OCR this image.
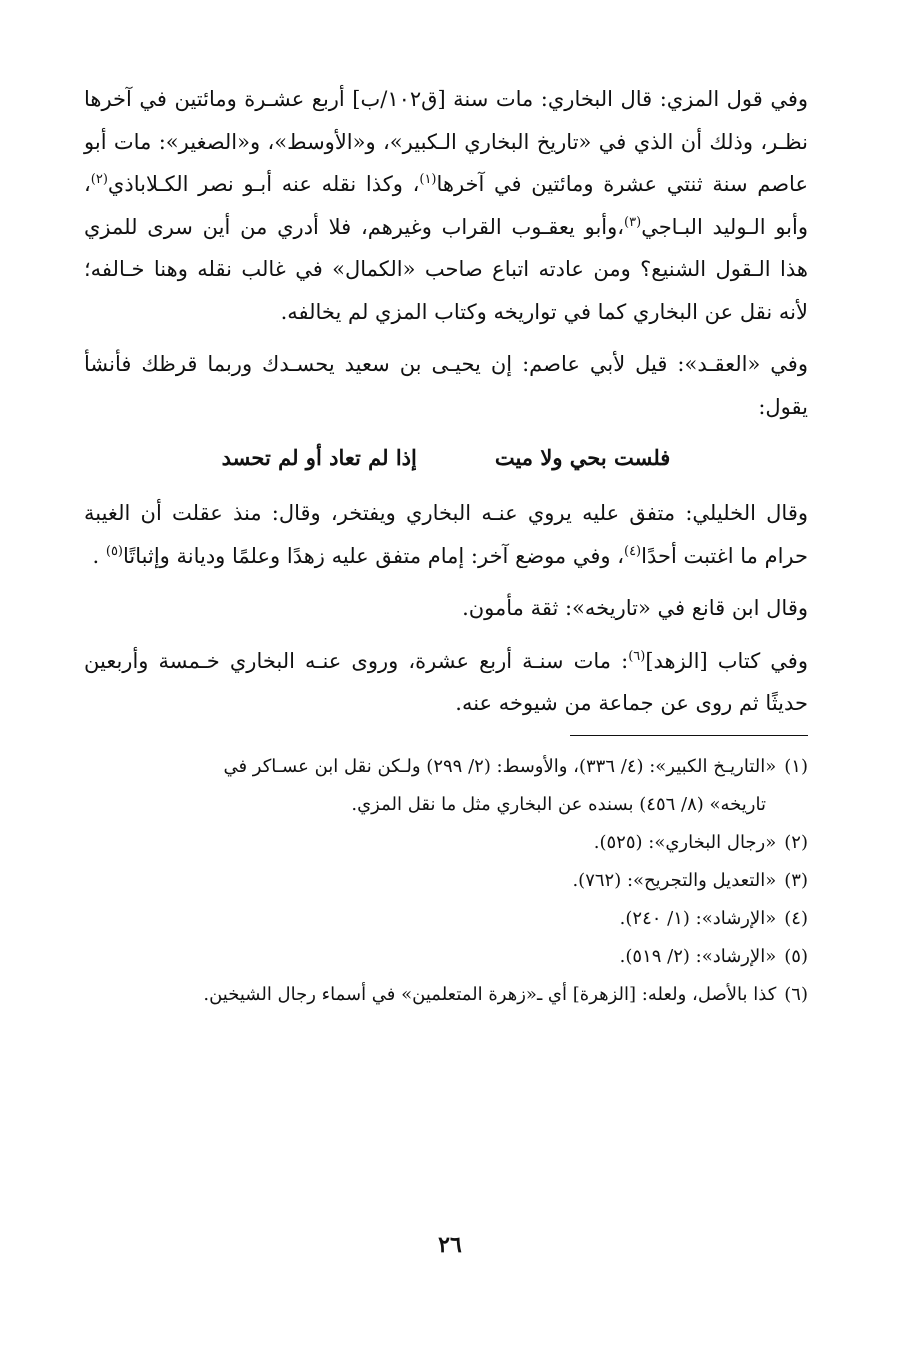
وفي قول المزي: قال البخاري: مات سنة [ق١٠٢/ب] أربع عشـرة ومائتين في آخرها نظـر، وذلك أن الذي في «تاريخ البخاري الـكبير»، و«الأوسط»، و«الصغير»: مات أبو عاصم سنة ثنتي عشرة ومائتين في آخرها$^{(١)}$، وكذا نقله عنه أبـو نصر الكـلاباذي$^{(٢)}$، وأبو الـوليد البـاجي$^{(٣)}$،وأبو يعقـوب القراب وغيرهم، فلا أدري من أين سرى للمزي هذا الـقول الشنيع؟ ومن عادته اتباع صاحب «الكمال» في غالب نقله وهنا خـالفه؛ لأنه نقل عن البخاري كما في تواريخه وكتاب المزي لم يخالفه.

وفي «العقـد»: قيل لأبي عاصم: إن يحيـى بن سعيد يحسـدك وربما قرظك فأنشأ يقول:

فلست بحي ولا ميت
إذا لم تعاد أو لم تحسد

وقال الخليلي: متفق عليه يروي عنـه البخاري ويفتخر، وقال: منذ عقلت أن الغيبة حرام ما اغتبت أحدًا$^{(٤)}$، وفي موضع آخر: إمام متفق عليه زهدًا وعلمًا وديانة وإثباتًا$^{(٥)}$ .

وقال ابن قانع في «تاريخه»: ثقة مأمون.

وفي كتاب [الزهد]$^{(٦)}$: مات سنـة أربع عشرة، وروى عنـه البخاري خـمسة وأربعين حديثًا ثم روى عن جماعة من شيوخه عنه.

(١)«التاريـخ الكبير»: (٤/ ٣٣٦)، والأوسط: (٢/ ٢٩٩) ولـكن نقل ابن عسـاكر في

تاريخه» (٨/ ٤٥٦) بسنده عن البخاري مثل ما نقل المزي.

(٢)«رجال البخاري»: (٥٢٥).

(٣)«التعديل والتجريح»: (٧٦٢).

(٤)«الإرشاد»: (١/ ٢٤٠).

(٥)«الإرشاد»: (٢/ ٥١٩).

(٦)كذا بالأصل، ولعله: [الزهرة] أي ـ«زهرة المتعلمين» في أسماء رجال الشيخين.

٢٦
